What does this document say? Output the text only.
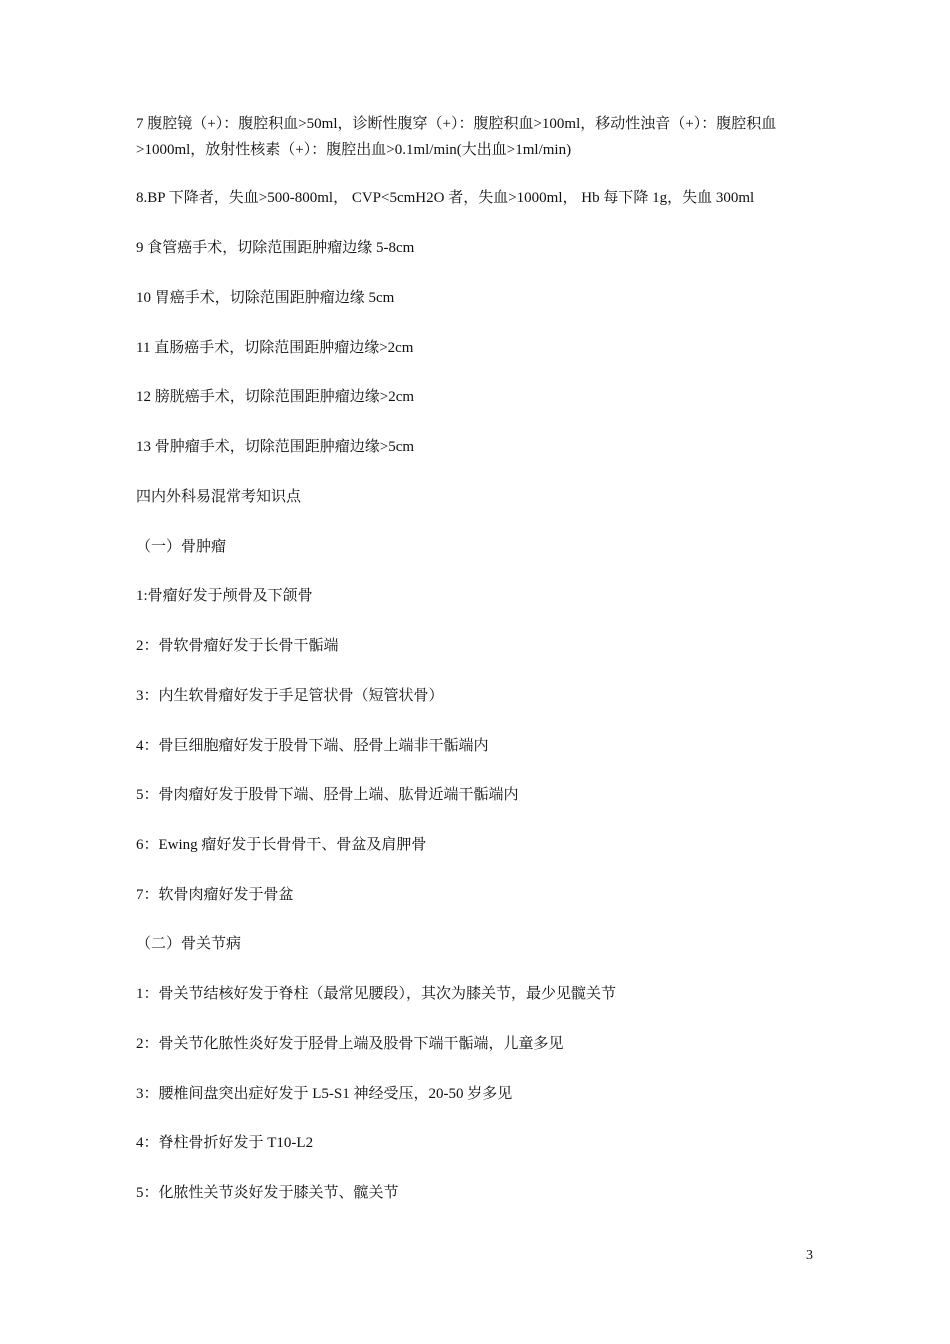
7 腹腔镜（+）：腹腔积血>50ml，诊断性腹穿（+）：腹腔积血>100ml，移动性浊音（+）：腹腔积血>1000ml，放射性核素（+）：腹腔出血>0.1ml/min(大出血>1ml/min)
8.BP 下降者，失血>500-800ml， CVP<5cmH2O 者，失血>1000ml， Hb 每下降 1g，失血 300ml
9 食管癌手术，切除范围距肿瘤边缘 5-8cm
10 胃癌手术，切除范围距肿瘤边缘 5cm
11 直肠癌手术，切除范围距肿瘤边缘>2cm
12 膀胱癌手术，切除范围距肿瘤边缘>2cm
13 骨肿瘤手术，切除范围距肿瘤边缘>5cm
四内外科易混常考知识点
（一）骨肿瘤
1:骨瘤好发于颅骨及下颌骨
2：骨软骨瘤好发于长骨干骺端
3：内生软骨瘤好发于手足管状骨（短管状骨）
4：骨巨细胞瘤好发于股骨下端、胫骨上端非干骺端内
5：骨肉瘤好发于股骨下端、胫骨上端、肱骨近端干骺端内
6：Ewing 瘤好发于长骨骨干、骨盆及肩胛骨
7：软骨肉瘤好发于骨盆
（二）骨关节病
1：骨关节结核好发于脊柱（最常见腰段），其次为膝关节，最少见髋关节
2：骨关节化脓性炎好发于胫骨上端及股骨下端干骺端，儿童多见
3：腰椎间盘突出症好发于 L5-S1 神经受压，20-50 岁多见
4：脊柱骨折好发于 T10-L2
5：化脓性关节炎好发于膝关节、髋关节
3
